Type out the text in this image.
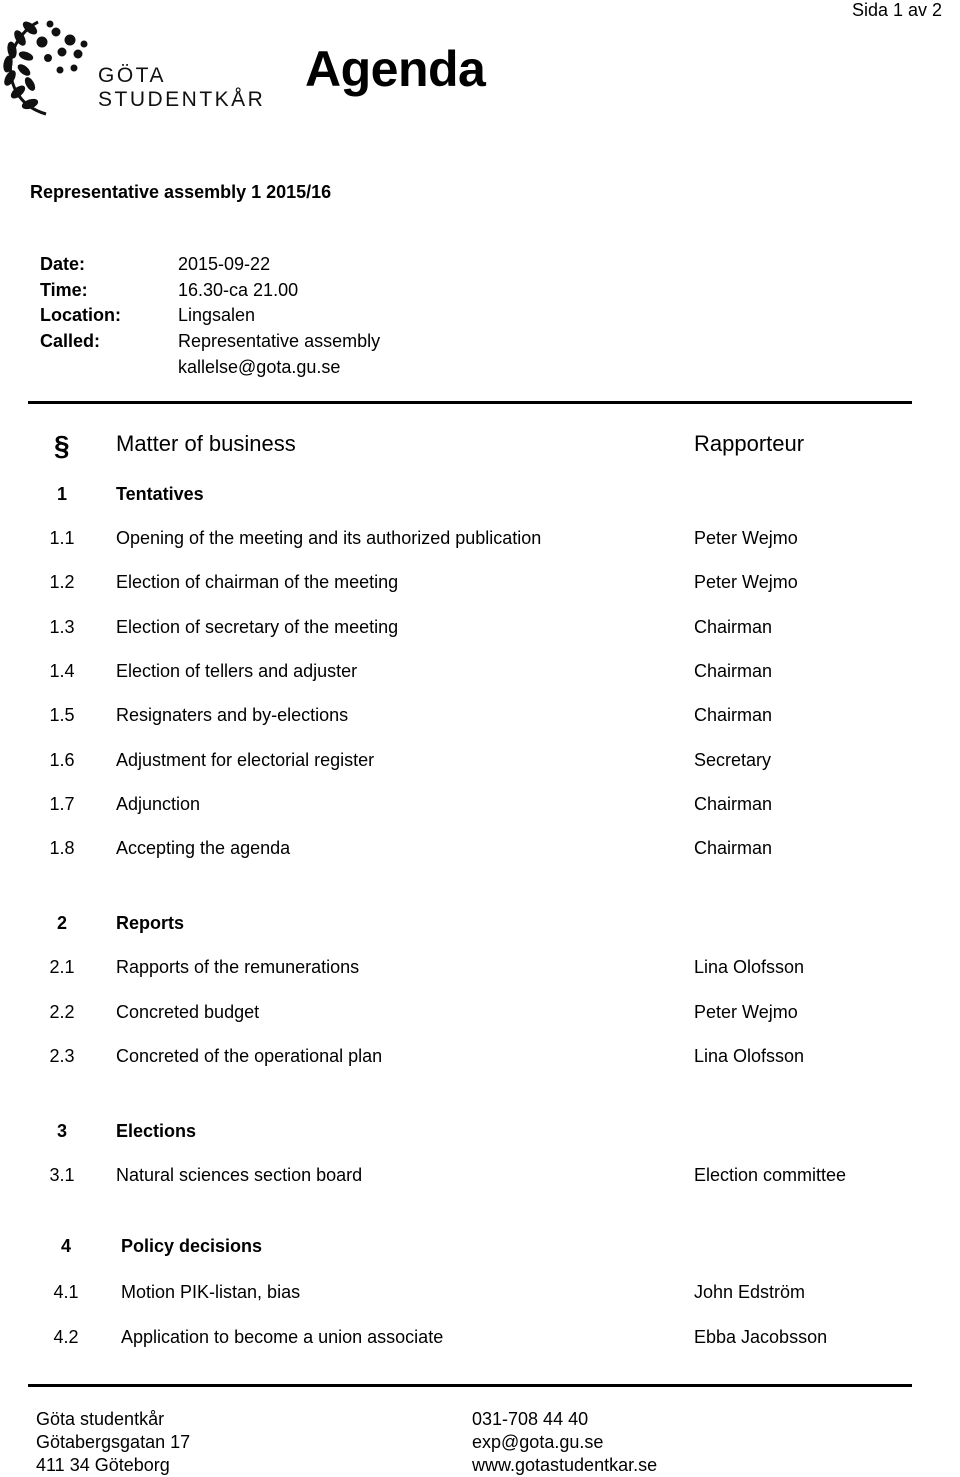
Sida 1 av 2
GÖTA
STUDENTKÅR
Agenda
Representative assembly 1 2015/16
Date:	2015-09-22
Time:	16.30-ca 21.00
Location:	Lingsalen
Called:	Representative assembly
kallelse@gota.gu.se
§ Matter of business	Rapporteur
1	Tentatives
1.1	Opening of the meeting and its authorized publication	Peter Wejmo
1.2	Election of chairman of the meeting	Peter Wejmo
1.3	Election of secretary of the meeting	Chairman
1.4	Election of tellers and adjuster	Chairman
1.5	Resignaters and by-elections	Chairman
1.6	Adjustment for electorial register	Secretary
1.7	Adjunction	Chairman
1.8	Accepting the agenda	Chairman
2	Reports
2.1	Rapports of the remunerations	Lina Olofsson
2.2	Concreted budget	Peter Wejmo
2.3	Concreted of the operational plan	Lina Olofsson
3	Elections
3.1	Natural sciences section board	Election committee
4	Policy decisions
4.1	Motion PIK-listan, bias	John Edström
4.2	Application to become a union associate	Ebba Jacobsson
Göta studentkår
Götabergsgatan 17
411 34 Göteborg
031-708 44 40
exp@gota.gu.se
www.gotastudentkar.se
